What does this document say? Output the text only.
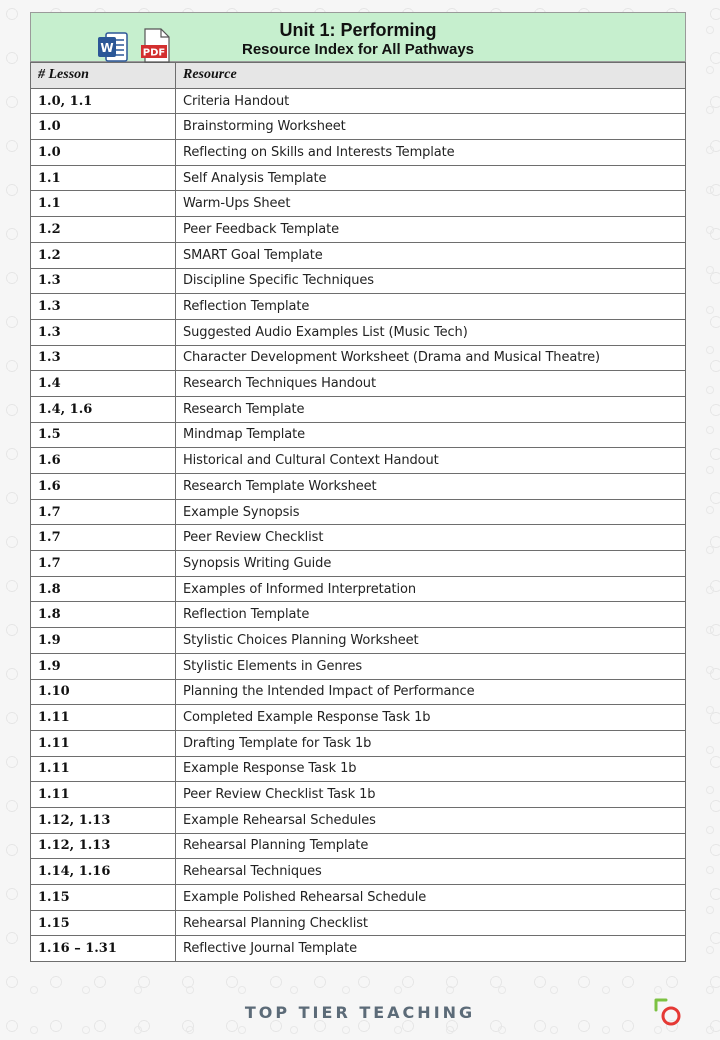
W	PDF
Unit 1: Performing
Resource Index for All Pathways
# Lesson	Resource
1.0, 1.1	Criteria Handout
1.0	Brainstorming Worksheet
1.0	Reflecting on Skills and Interests Template
1.1	Self Analysis Template
1.1	Warm-Ups Sheet
1.2	Peer Feedback Template
1.2	SMART Goal Template
1.3	Discipline Specific Techniques
1.3	Reflection Template
1.3	Suggested Audio Examples List (Music Tech)
1.3	Character Development Worksheet (Drama and Musical Theatre)
1.4	Research Techniques Handout
1.4, 1.6	Research Template
1.5	Mindmap Template
1.6	Historical and Cultural Context Handout
1.6	Research Template Worksheet
1.7	Example Synopsis
1.7	Peer Review Checklist
1.7	Synopsis Writing Guide
1.8	Examples of Informed Interpretation
1.8	Reflection Template
1.9	Stylistic Choices Planning Worksheet
1.9	Stylistic Elements in Genres
1.10	Planning the Intended Impact of Performance
1.11	Completed Example Response Task 1b
1.11	Drafting Template for Task 1b
1.11	Example Response Task 1b
1.11	Peer Review Checklist Task 1b
1.12, 1.13	Example Rehearsal Schedules
1.12, 1.13	Rehearsal Planning Template
1.14, 1.16	Rehearsal Techniques
1.15	Example Polished Rehearsal Schedule
1.15	Rehearsal Planning Checklist
1.16 – 1.31	Reflective Journal Template
TOP TIER TEACHING
